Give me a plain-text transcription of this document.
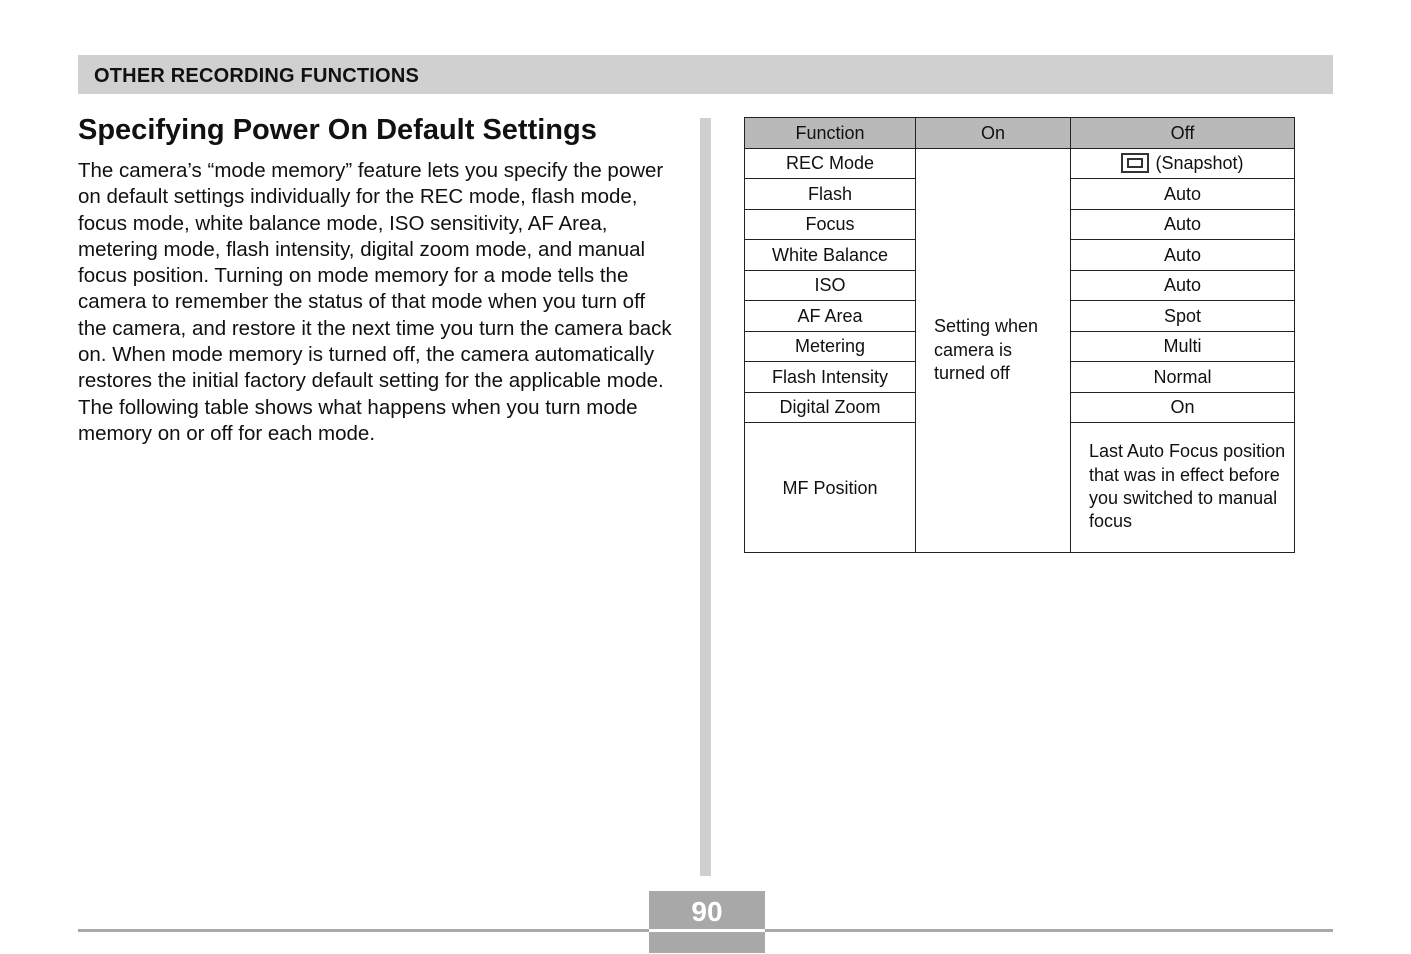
OTHER RECORDING FUNCTIONS
Specifying Power On Default Settings

The camera’s “mode memory” feature lets you specify the power on default settings individually for the REC mode, flash mode, focus mode, white balance mode, ISO sensitivity, AF Area, metering mode, flash intensity, digital zoom mode, and manual focus position. Turning on mode memory for a mode tells the camera to remember the status of that mode when you turn off the camera, and restore it the next time you turn the camera back on. When mode memory is turned off, the camera automatically restores the initial factory default setting for the applicable mode.

The following table shows what happens when you turn mode memory on or off for each mode.

Function	On	Off
REC Mode	Setting when camera is turned off	(Snapshot)
Flash		Auto
Focus		Auto
White Balance		Auto
ISO		Auto
AF Area		Spot
Metering		Multi
Flash Intensity		Normal
Digital Zoom		On
MF Position		Last Auto Focus position that was in effect before you switched to manual focus
90
